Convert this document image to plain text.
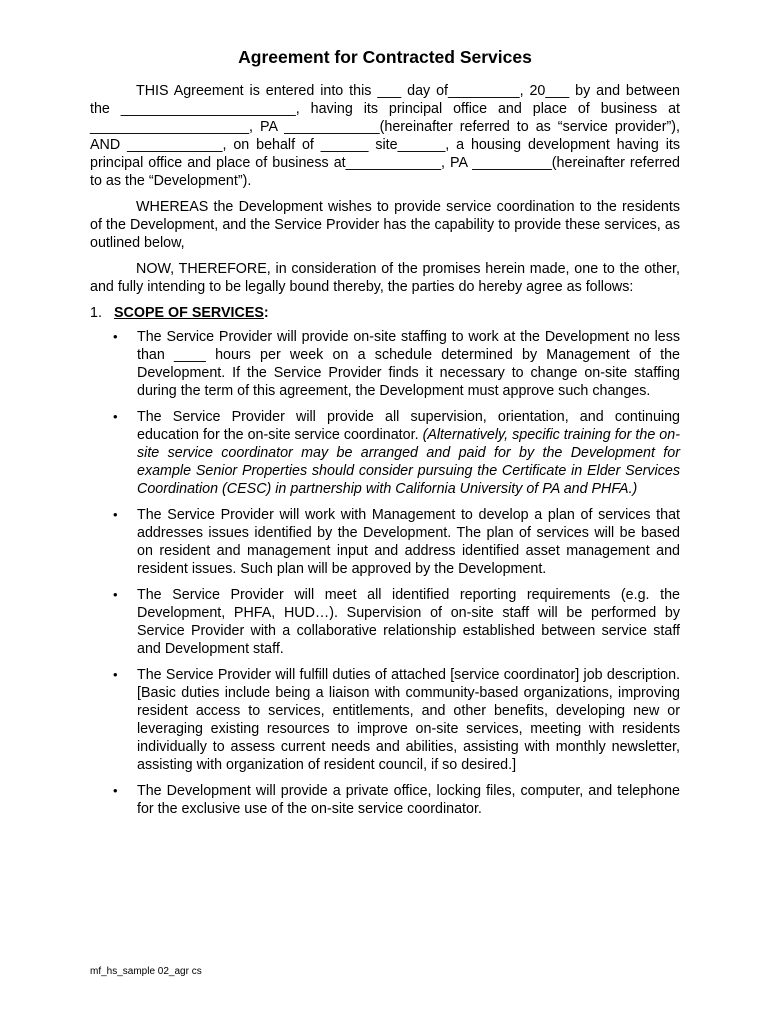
Agreement for Contracted Services

THIS Agreement is entered into this ___ day of_________, 20___ by and between the ______________________, having its principal office and place of business at ____________________, PA ____________(hereinafter referred to as “service provider”), AND ____________, on behalf of ______ site______, a housing development having its principal office and place of business at____________, PA __________(hereinafter referred to as the “Development”).

WHEREAS the Development wishes to provide service coordination to the residents of the Development, and the Service Provider has the capability to provide these services, as outlined below,

NOW, THEREFORE, in consideration of the promises herein made, one to the other, and fully intending to be legally bound thereby, the parties do hereby agree as follows:

1. SCOPE OF SERVICES:
•	The Service Provider will provide on-site staffing to work at the Development no less than ____ hours per week on a schedule determined by Management of the Development. If the Service Provider finds it necessary to change on-site staffing during the term of this agreement, the Development must approve such changes.
•	The Service Provider will provide all supervision, orientation, and continuing education for the on-site service coordinator. (Alternatively, specific training for the on-site service coordinator may be arranged and paid for by the Development for example Senior Properties should consider pursuing the Certificate in Elder Services Coordination (CESC) in partnership with California University of PA and PHFA.)
•	The Service Provider will work with Management to develop a plan of services that addresses issues identified by the Development. The plan of services will be based on resident and management input and address identified asset management and resident issues. Such plan will be approved by the Development.
•	The Service Provider will meet all identified reporting requirements (e.g. the Development, PHFA, HUD…). Supervision of on-site staff will be performed by Service Provider with a collaborative relationship established between service staff and Development staff.
•	The Service Provider will fulfill duties of attached [service coordinator] job description. [Basic duties include being a liaison with community-based organizations, improving resident access to services, entitlements, and other benefits, developing new or leveraging existing resources to improve on-site services, meeting with residents individually to assess current needs and abilities, assisting with monthly newsletter, assisting with organization of resident council, if so desired.]
•	The Development will provide a private office, locking files, computer, and telephone for the exclusive use of the on-site service coordinator.
mf_hs_sample 02_agr cs
